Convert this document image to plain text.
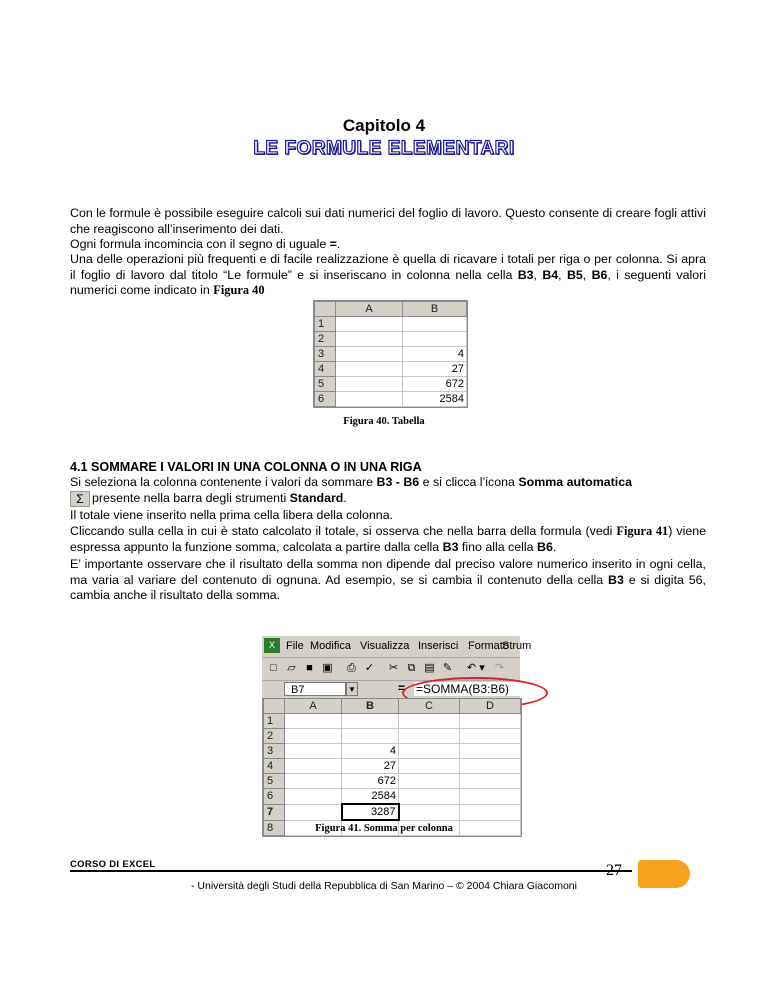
Capitolo 4
LE FORMULE ELEMENTARI
Con le formule è possibile eseguire calcoli sui dati numerici del foglio di lavoro. Questo consente di creare fogli attivi che reagiscono all’inserimento dei dati.
Ogni formula incomincia con il segno di uguale =.
Una delle operazioni più frequenti e di facile realizzazione è quella di ricavare i totali per riga o per colonna. Si apra il foglio di lavoro dal titolo “Le formule” e si inseriscano in colonna nella cella B3, B4, B5, B6, i seguenti valori numerici come indicato in Figura 40
	A	B
1		
2		
3		4
4		27
5		672
6		2584
Figura 40. Tabella
4.1 SOMMARE I VALORI IN UNA COLONNA O IN UNA RIGA
Si seleziona la colonna contenente i valori da sommare B3 - B6 e si clicca l’icona Somma automatica
Σ presente nella barra degli strumenti Standard.
Il totale viene inserito nella prima cella libera della colonna.
Cliccando sulla cella in cui è stato calcolato il totale, si osserva che nella barra della formula (vedi Figura 41) viene espressa appunto la funzione somma, calcolata a partire dalla cella B3 fino alla cella B6.
E’ importante osservare che il risultato della somma non dipende dal preciso valore numerico inserito in ogni cella, ma varia al variare del contenuto di ognuna. Ad esempio, se si cambia il contenuto della cella B3 e si digita 56, cambia anche il risultato della somma.
X	File Modifica Visualizza Inserisci Formato
Strum
□ ▱ ■ ▣ ⎙ ✓ ✂ ⧉ ▤ ✎ ↶ ▾ ↷
B7	▼	= =SOMMA(B3:B6)
	A	B	C	D
1				
2				
3		4		
4		27		
5		672		
6		2584		
7		3287		
8					Figura 41. Somma per colonna
CORSO DI EXCEL	27
- Università degli Studi della Repubblica di San Marino – © 2004 Chiara Giacomoni
